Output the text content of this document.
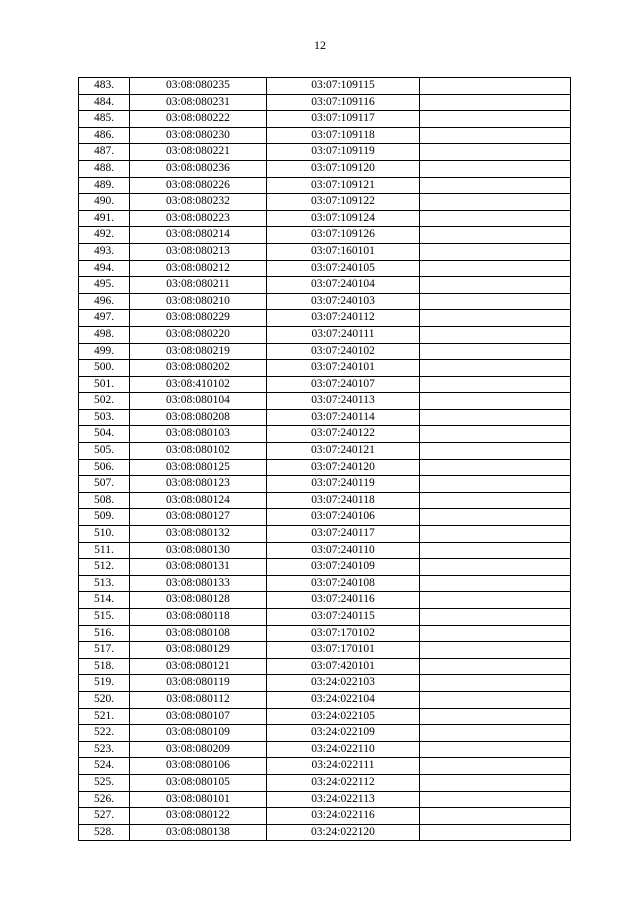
12
483.	03:08:080235	03:07:109115	
484.	03:08:080231	03:07:109116	
485.	03:08:080222	03:07:109117	
486.	03:08:080230	03:07:109118	
487.	03:08:080221	03:07:109119	
488.	03:08:080236	03:07:109120	
489.	03:08:080226	03:07:109121	
490.	03:08:080232	03:07:109122	
491.	03:08:080223	03:07:109124	
492.	03:08:080214	03:07:109126	
493.	03:08:080213	03:07:160101	
494.	03:08:080212	03:07:240105	
495.	03:08:080211	03:07:240104	
496.	03:08:080210	03:07:240103	
497.	03:08:080229	03:07:240112	
498.	03:08:080220	03:07:240111	
499.	03:08:080219	03:07:240102	
500.	03:08:080202	03:07:240101	
501.	03:08:410102	03:07:240107	
502.	03:08:080104	03:07:240113	
503.	03:08:080208	03:07:240114	
504.	03:08:080103	03:07:240122	
505.	03:08:080102	03:07:240121	
506.	03:08:080125	03:07:240120	
507.	03:08:080123	03:07:240119	
508.	03:08:080124	03:07:240118	
509.	03:08:080127	03:07:240106	
510.	03:08:080132	03:07:240117	
511.	03:08:080130	03:07:240110	
512.	03:08:080131	03:07:240109	
513.	03:08:080133	03:07:240108	
514.	03:08:080128	03:07:240116	
515.	03:08:080118	03:07:240115	
516.	03:08:080108	03:07:170102	
517.	03:08:080129	03:07:170101	
518.	03:08:080121	03:07:420101	
519.	03:08:080119	03:24:022103	
520.	03:08:080112	03:24:022104	
521.	03:08:080107	03:24:022105	
522.	03:08:080109	03:24:022109	
523.	03:08:080209	03:24:022110	
524.	03:08:080106	03:24:022111	
525.	03:08:080105	03:24:022112	
526.	03:08:080101	03:24:022113	
527.	03:08:080122	03:24:022116	
528.	03:08:080138	03:24:022120	
